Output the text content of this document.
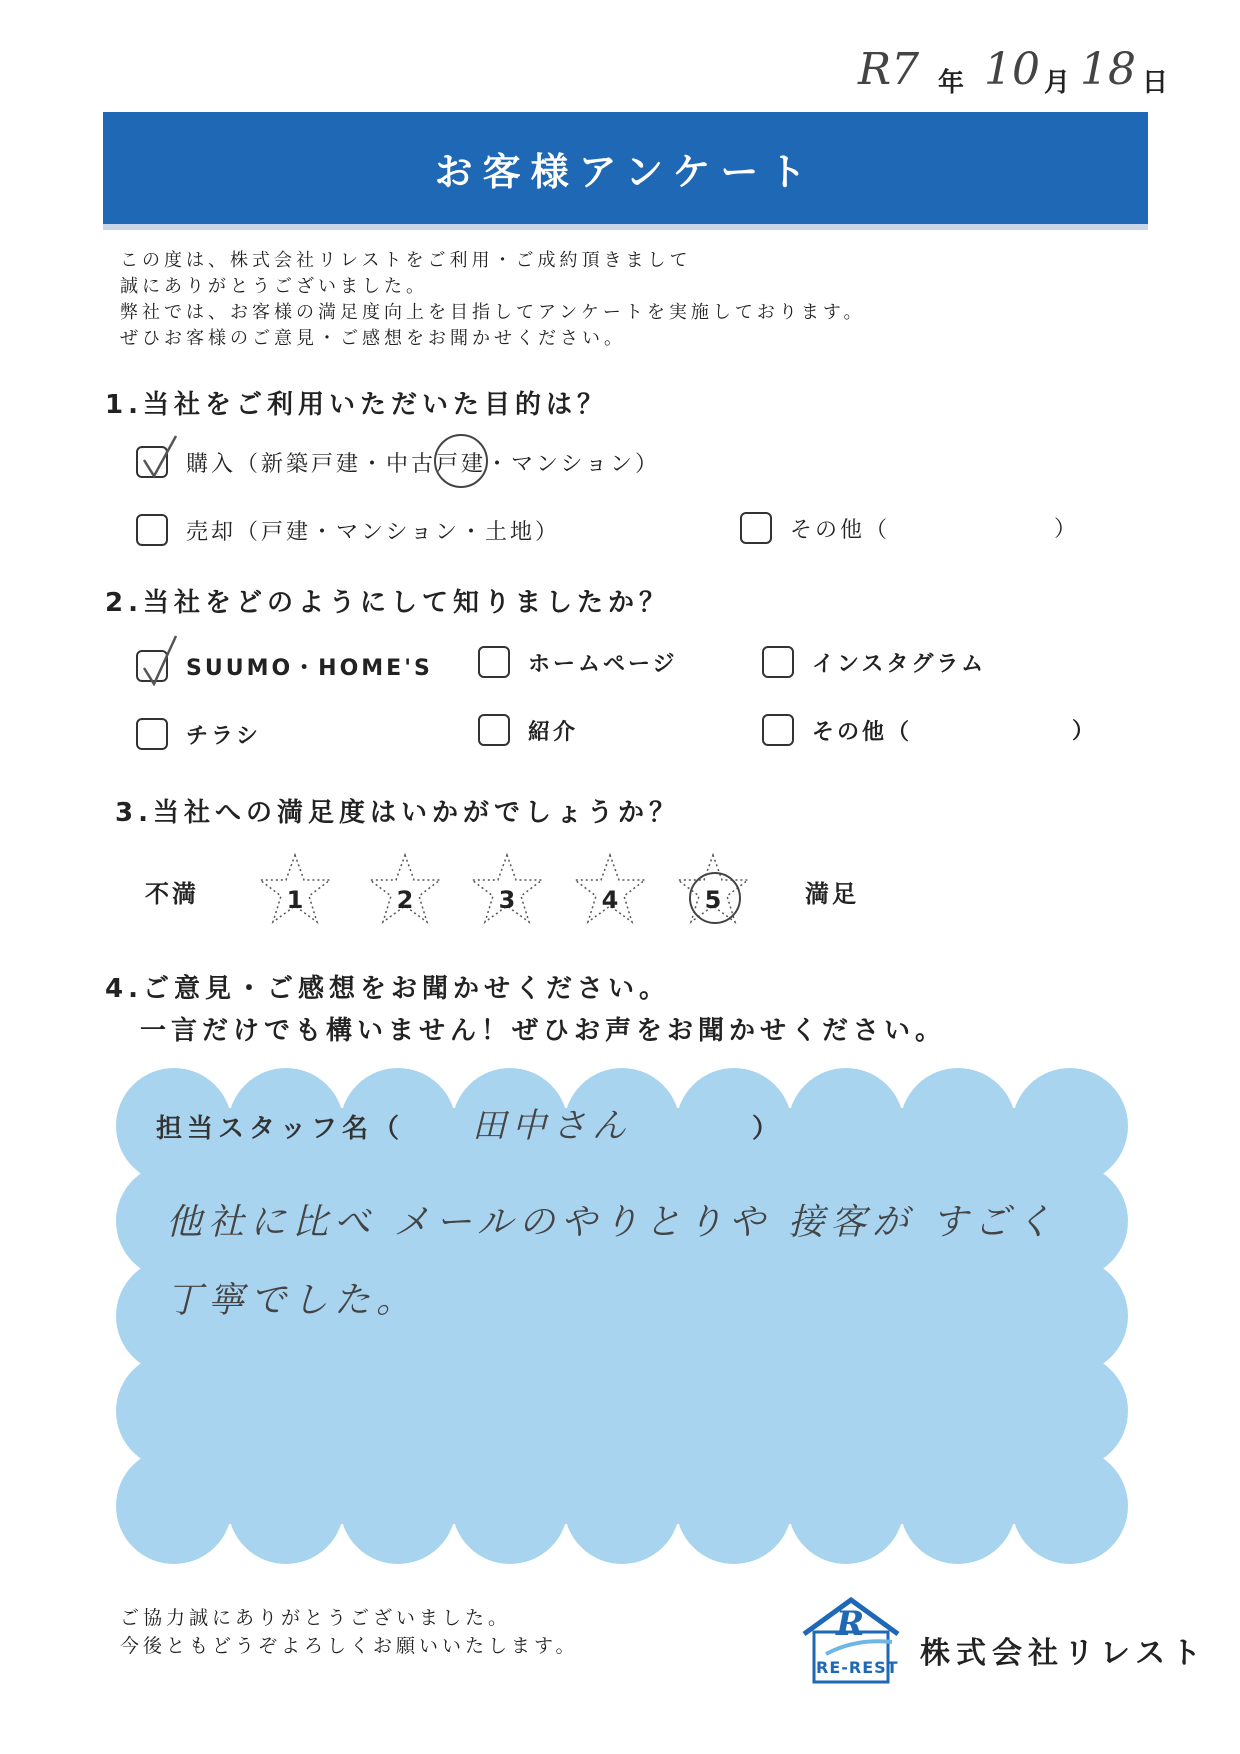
R7 年 10 月 18 日
お客様アンケート
この度は、株式会社リレストをご利用・ご成約頂きまして
誠にありがとうございました。
弊社では、お客様の満足度向上を目指してアンケートを実施しております。
ぜひお客様のご意見・ご感想をお聞かせください。
1.当社をご利用いただいた目的は？
購入（新築戸建・中古戸建・マンション）
売却（戸建・マンション・土地）	その他（	）
2.当社をどのようにして知りましたか？
SUUMO・HOME'S	ホームページ	インスタグラム
チラシ	紹介	その他（	）
3.当社への満足度はいかがでしょうか？
不満	1	2	3	4	5	満足
4.ご意見・ご感想をお聞かせください。
一言だけでも構いません！ぜひお声をお聞かせください。
担当スタッフ名（ 田中さん	）
他社に比べ メールのやりとりや 接客が すごく
丁寧でした。
ご協力誠にありがとうございました。
今後ともどうぞよろしくお願いいたします。
R
RE-REST 株式会社リレスト
